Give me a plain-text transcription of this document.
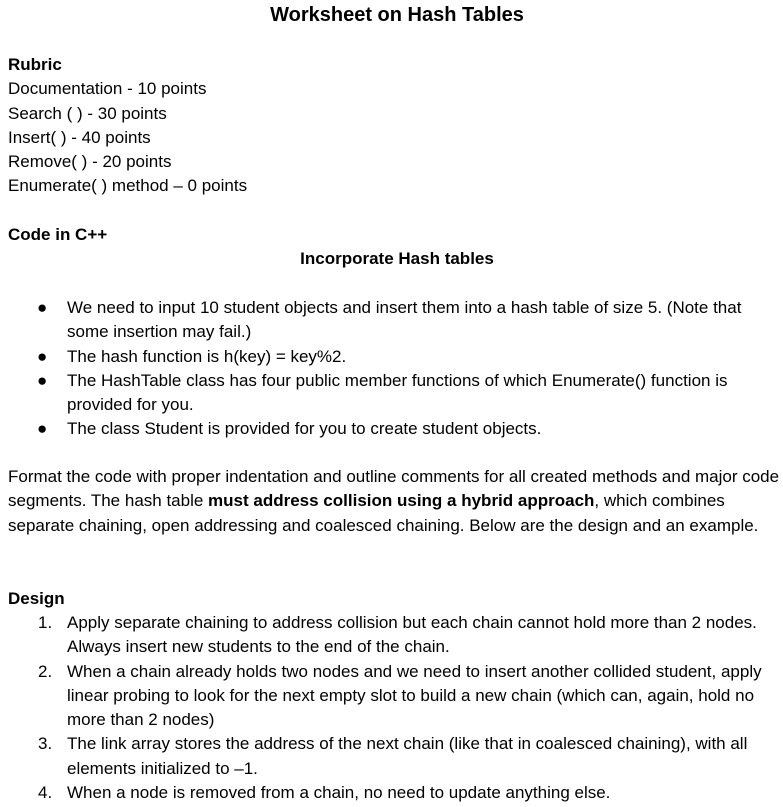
Worksheet on Hash Tables
Rubric
Documentation - 10 points
Search ( ) - 30 points
Insert( ) - 40 points
Remove( ) - 20 points
Enumerate( ) method – 0 points
Code in C++
Incorporate Hash tables
● We need to input 10 student objects and insert them into a hash table of size 5. (Note that some insertion may fail.)
● The hash function is h(key) = key%2.
● The HashTable class has four public member functions of which Enumerate() function is provided for you.
● The class Student is provided for you to create student objects.
Format the code with proper indentation and outline comments for all created methods and major code segments. The hash table must address collision using a hybrid approach, which combines separate chaining, open addressing and coalesced chaining. Below are the design and an example.
Design
1. Apply separate chaining to address collision but each chain cannot hold more than 2 nodes. Always insert new students to the end of the chain.
2. When a chain already holds two nodes and we need to insert another collided student, apply linear probing to look for the next empty slot to build a new chain (which can, again, hold no more than 2 nodes)
3. The link array stores the address of the next chain (like that in coalesced chaining), with all elements initialized to –1.
4. When a node is removed from a chain, no need to update anything else.
